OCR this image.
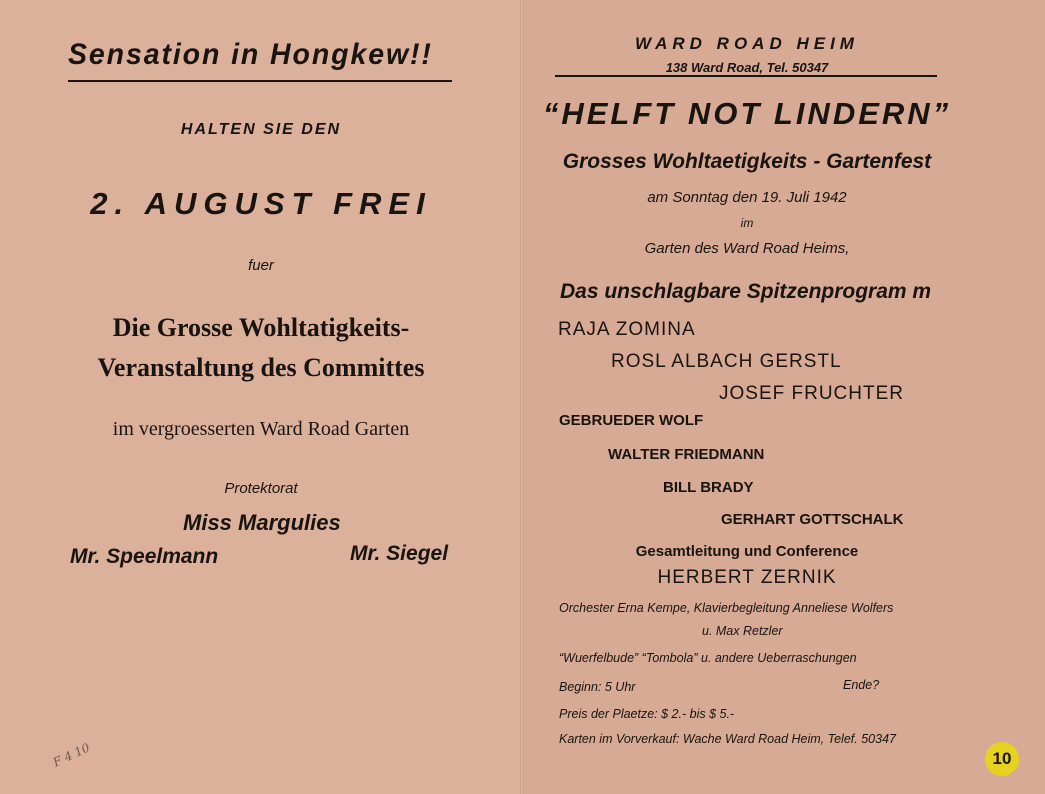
Sensation in Hongkew!!
HALTEN SIE DEN
2. AUGUST FREI
fuer
Die Grosse Wohltatigkeits-
Veranstaltung des Committes
im vergroesserten Ward Road Garten
Protektorat
Miss Margulies
Mr. Speelmann	Mr. Siegel
F 4 10
WARD ROAD HEIM
138 Ward Road, Tel. 50347
“HELFT NOT LINDERN”
Grosses Wohltaetigkeits - Gartenfest
am Sonntag den 19. Juli 1942
im
Garten des Ward Road Heims,
Das unschlagbare Spitzenprogram m
RAJA ZOMINA
ROSL ALBACH GERSTL
JOSEF FRUCHTER
GEBRUEDER WOLF
WALTER FRIEDMANN
BILL BRADY
GERHART GOTTSCHALK
Gesamtleitung und Conference
HERBERT ZERNIK
Orchester Erna Kempe, Klavierbegleitung Anneliese Wolfers
u. Max Retzler
“Wuerfelbude” “Tombola” u. andere Ueberraschungen
Beginn: 5 Uhr	Ende?
Preis der Plaetze: $ 2.- bis $ 5.-
Karten im Vorverkauf: Wache Ward Road Heim, Telef. 50347
10
